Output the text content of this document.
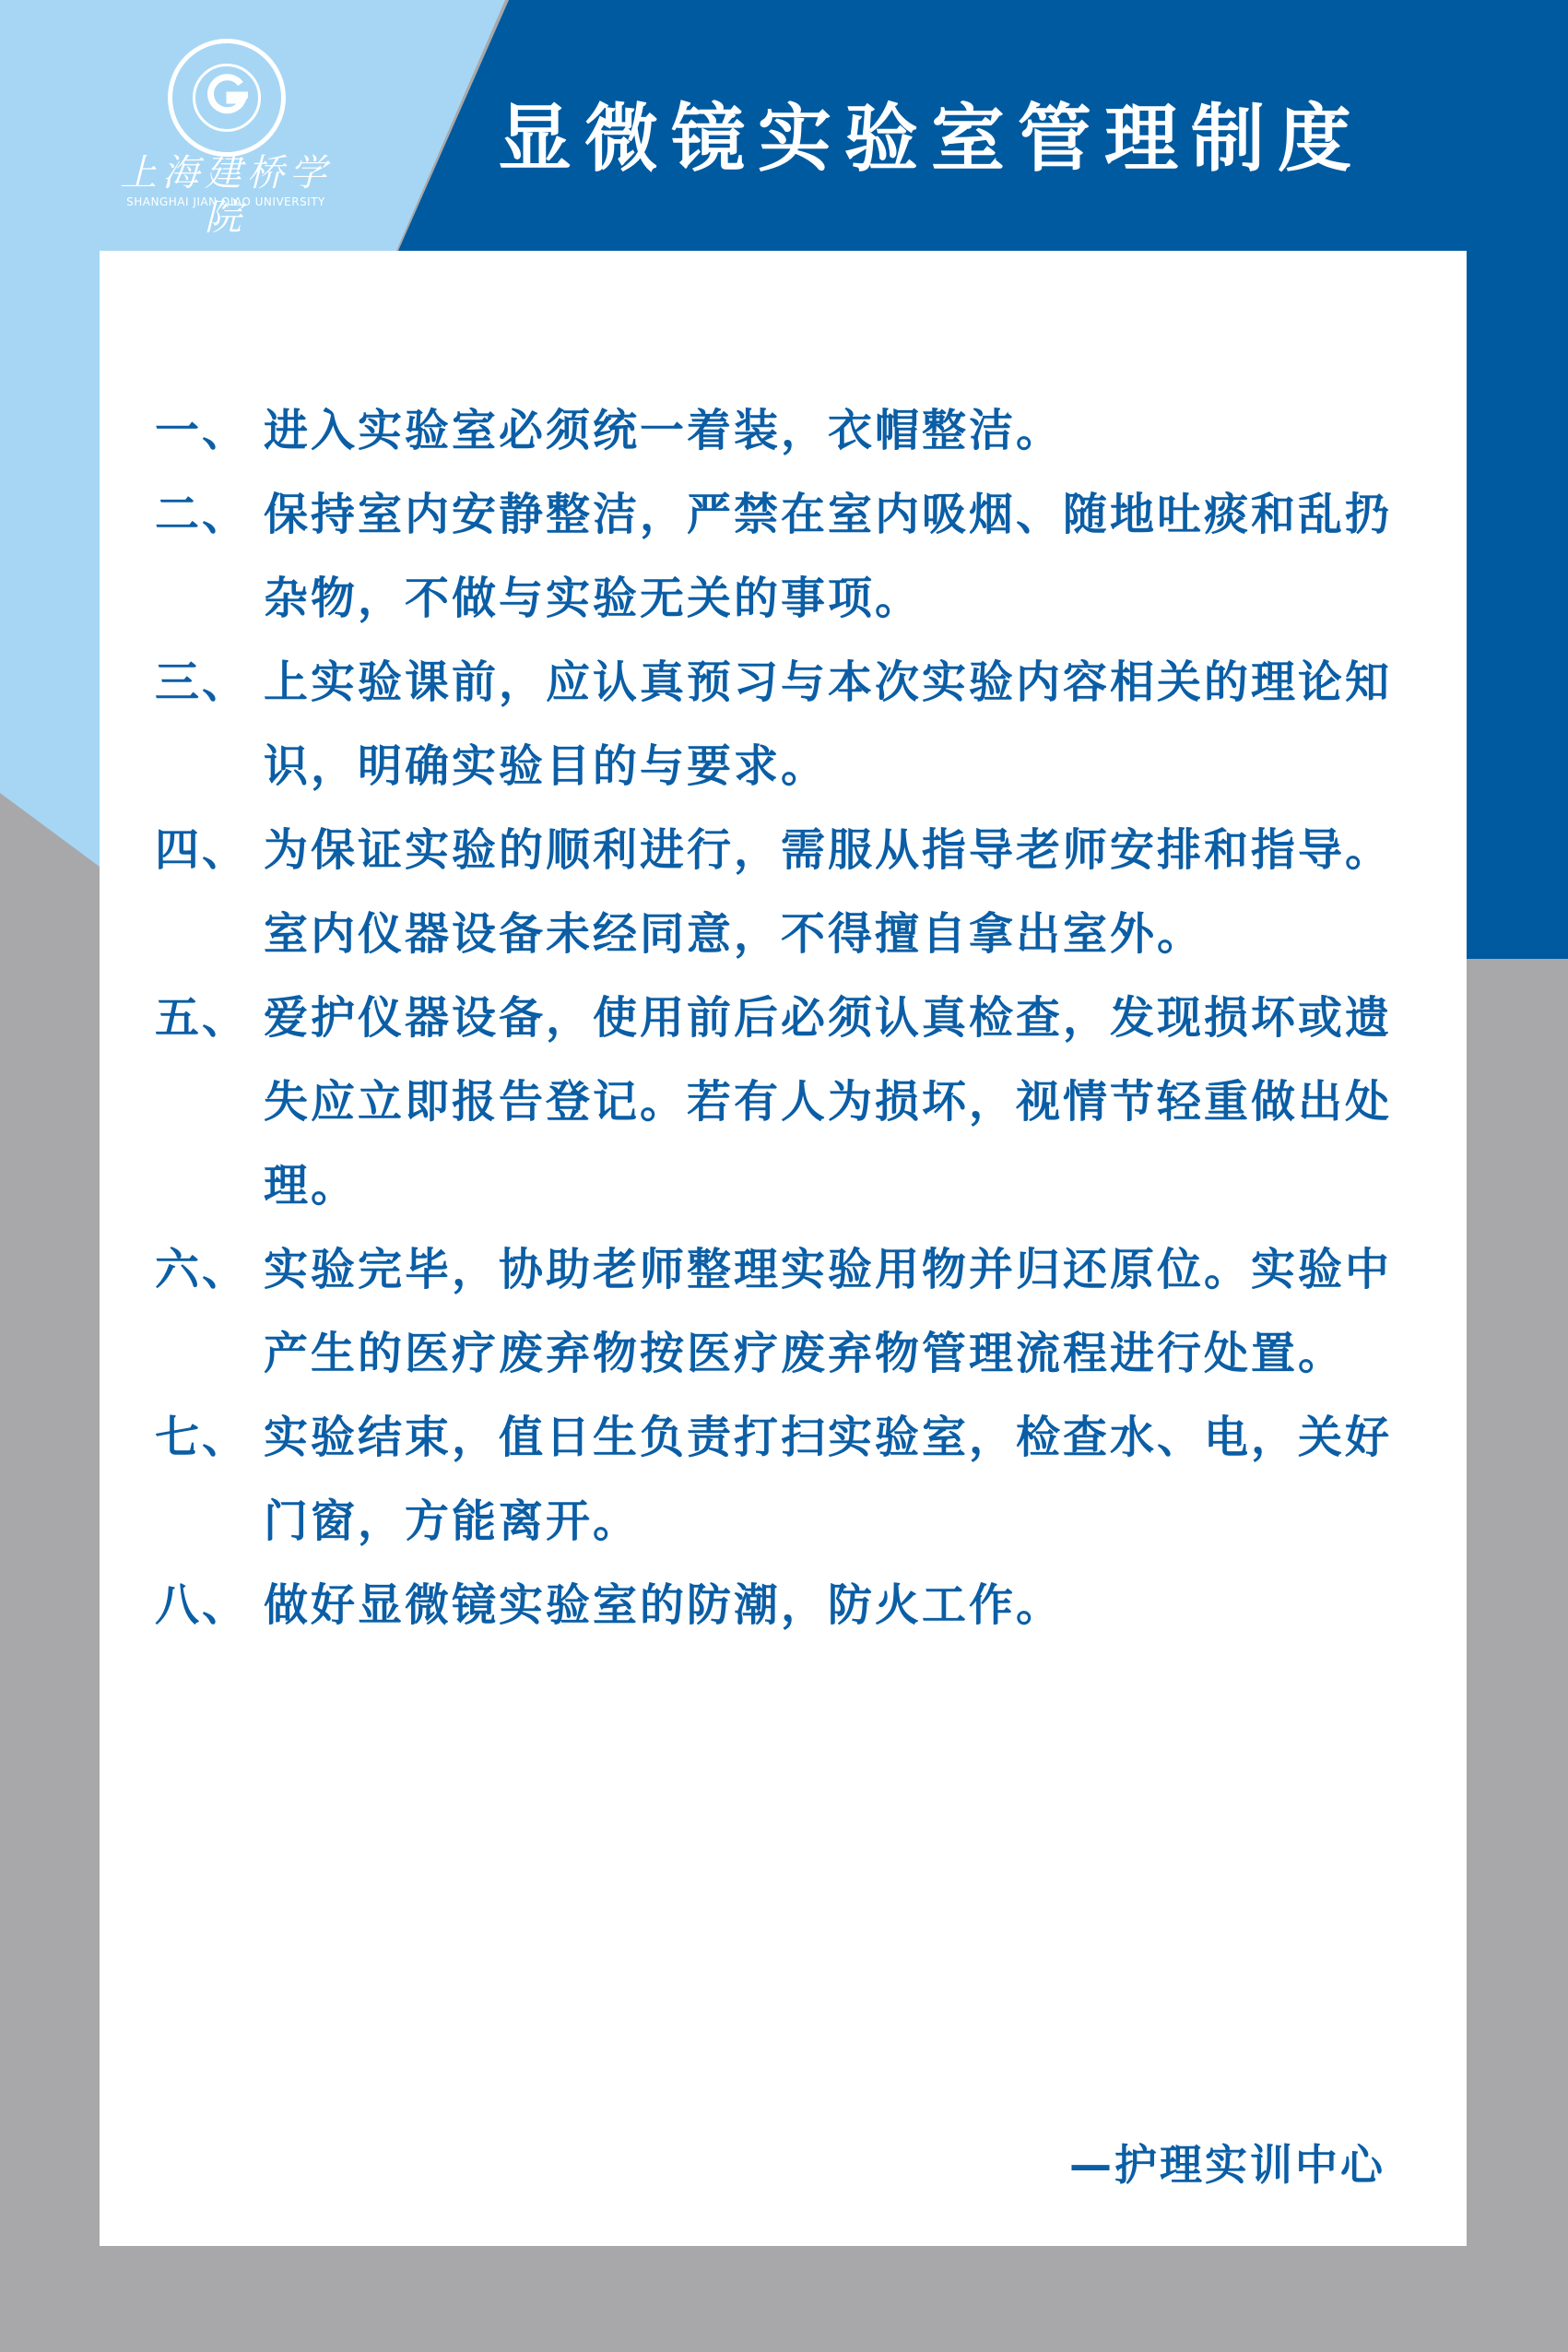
上海建桥学院
SHANGHAI JIAN QIAO UNIVERSITY
显微镜实验室管理制度
一、 进入实验室必须统一着装，衣帽整洁。
二、 保持室内安静整洁，严禁在室内吸烟、随地吐痰和乱扔杂物，不做与实验无关的事项。
三、 上实验课前，应认真预习与本次实验内容相关的理论知识，明确实验目的与要求。
四、 为保证实验的顺利进行，需服从指导老师安排和指导。室内仪器设备未经同意，不得擅自拿出室外。
五、 爱护仪器设备，使用前后必须认真检查，发现损坏或遗失应立即报告登记。若有人为损坏，视情节轻重做出处理。
六、 实验完毕，协助老师整理实验用物并归还原位。实验中产生的医疗废弃物按医疗废弃物管理流程进行处置。
七、 实验结束，值日生负责打扫实验室，检查水、电，关好门窗，方能离开。
八、 做好显微镜实验室的防潮，防火工作。
—护理实训中心
